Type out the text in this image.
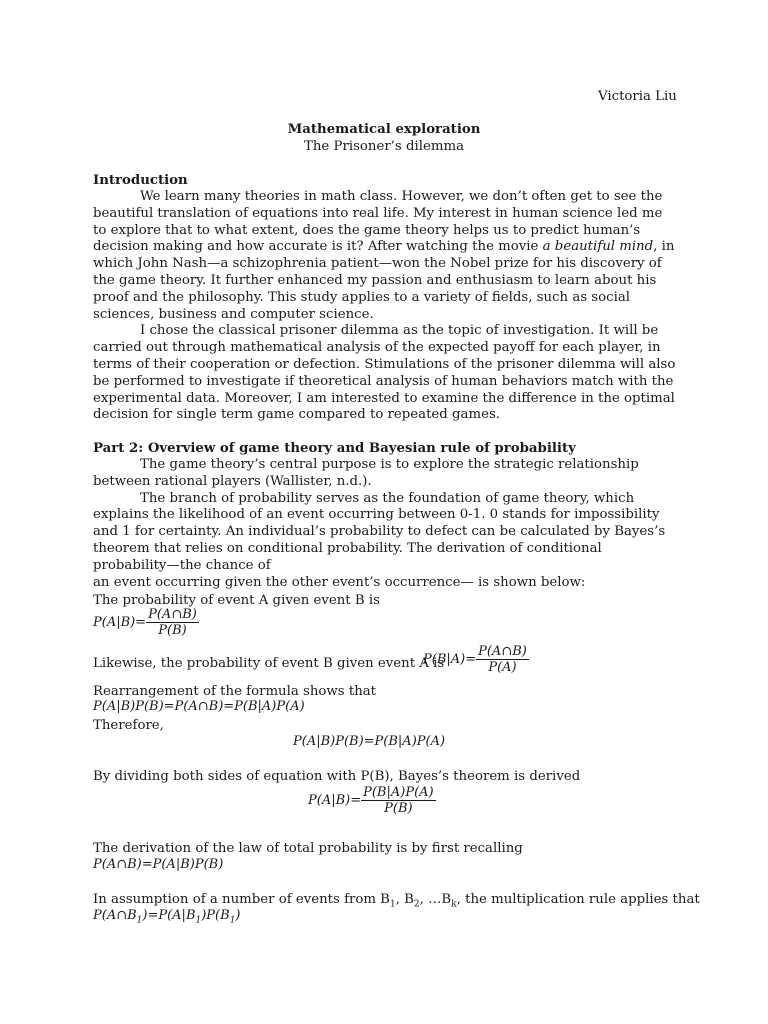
Victoria Liu
Mathematical exploration
The Prisoner’s dilemma
Introduction

We learn many theories in math class. However, we don’t often get to see the beautiful translation of equations into real life. My interest in human science led me to explore that to what extent, does the game theory helps us to predict human’s decision making and how accurate is it? After watching the movie a beautiful mind, in which John Nash—a schizophrenia patient—won the Nobel prize for his discovery of the game theory. It further enhanced my passion and enthusiasm to learn about his proof and the philosophy. This study applies to a variety of fields, such as social sciences, business and computer science.

I chose the classical prisoner dilemma as the topic of investigation. It will be carried out through mathematical analysis of the expected payoff for each player, in terms of their cooperation or defection. Stimulations of the prisoner dilemma will also be performed to investigate if theoretical analysis of human behaviors match with the experimental data. Moreover, I am interested to examine the difference in the optimal decision for single term game compared to repeated games.

Part 2: Overview of game theory and Bayesian rule of probability

The game theory’s central purpose is to explore the strategic relationship between rational players (Wallister, n.d.).

The branch of probability serves as the foundation of game theory, which explains the likelihood of an event occurring between 0-1. 0 stands for impossibility and 1 for certainty. An individual’s probability to defect can be calculated by Bayes’s theorem that relies on conditional probability. The derivation of conditional probability—the chance of

an event occurring given the other event’s occurrence— is shown below:
The probability of event A given event B is
$P(A|B)= \frac{P(A\cap B)}{P(B)}$
Likewise, the probability of event B given event A is
$P(B|A)= \frac{P(A\cap B)}{P(A)}$
Rearrangement of the formula shows that
P(A|B)P(B)=P(A∩B)=P(B|A)P(A)
Therefore,
P(A|B)P(B)=P(B|A)P(A)
By dividing both sides of equation with P(B), Bayes’s theorem is derived
$P(A|B)= \frac{P(B|A)P(A)}{P(B)}$
The derivation of the law of total probability is by first recalling
P(A∩B)=P(A|B)P(B)
In assumption of a number of events from $B_1$, $B_2$, $\dots B_k$, the multiplication rule applies that
$P(A\cap B_1)=P(A|B_1)P(B_1)$
